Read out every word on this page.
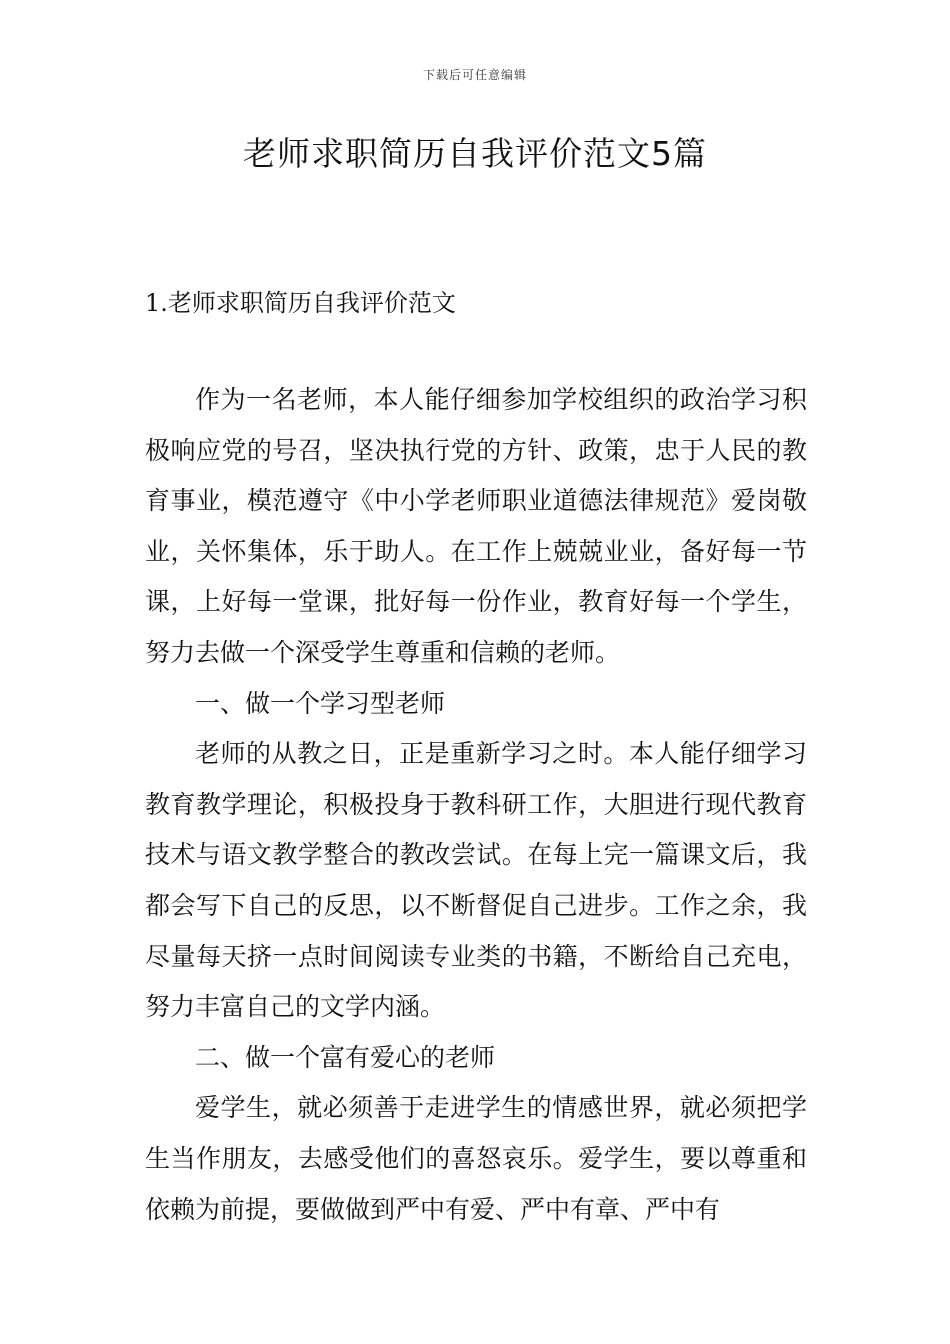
下载后可任意编辑
老师求职简历自我评价范文5篇
1.老师求职简历自我评价范文

作为一名老师，本人能仔细参加学校组织的政治学习积极响应党的号召，坚决执行党的方针、政策，忠于人民的教育事业，模范遵守《中小学老师职业道德法律规范》爱岗敬业，关怀集体，乐于助人。在工作上兢兢业业，备好每一节课，上好每一堂课，批好每一份作业，教育好每一个学生，努力去做一个深受学生尊重和信赖的老师。

一、做一个学习型老师

老师的从教之日，正是重新学习之时。本人能仔细学习教育教学理论，积极投身于教科研工作，大胆进行现代教育技术与语文教学整合的教改尝试。在每上完一篇课文后，我都会写下自己的反思，以不断督促自己进步。工作之余，我尽量每天挤一点时间阅读专业类的书籍，不断给自己充电，努力丰富自己的文学内涵。

二、做一个富有爱心的老师

爱学生，就必须善于走进学生的情感世界，就必须把学生当作朋友，去感受他们的喜怒哀乐。爱学生，要以尊重和依赖为前提，要做做到严中有爱、严中有章、严中有
